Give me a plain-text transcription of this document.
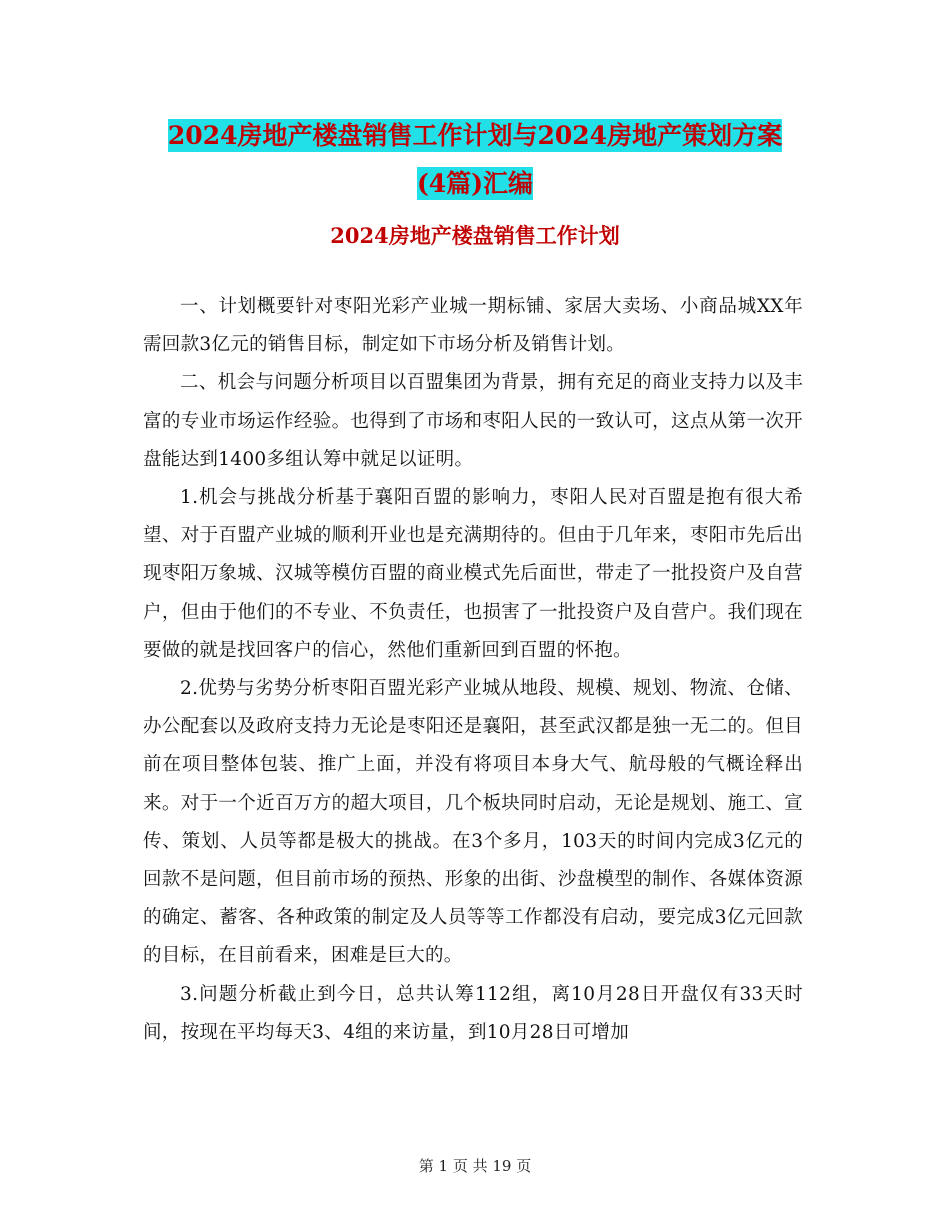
2024房地产楼盘销售工作计划与2024房地产策划方案
(4篇)汇编
2024房地产楼盘销售工作计划

一、计划概要针对枣阳光彩产业城一期标铺、家居大卖场、小商品城XX年需回款3亿元的销售目标，制定如下市场分析及销售计划。

二、机会与问题分析项目以百盟集团为背景，拥有充足的商业支持力以及丰富的专业市场运作经验。也得到了市场和枣阳人民的一致认可，这点从第一次开盘能达到1400多组认筹中就足以证明。

1.机会与挑战分析基于襄阳百盟的影响力，枣阳人民对百盟是抱有很大希望、对于百盟产业城的顺利开业也是充满期待的。但由于几年来，枣阳市先后出现枣阳万象城、汉城等模仿百盟的商业模式先后面世，带走了一批投资户及自营户，但由于他们的不专业、不负责任，也损害了一批投资户及自营户。我们现在要做的就是找回客户的信心，然他们重新回到百盟的怀抱。

2.优势与劣势分析枣阳百盟光彩产业城从地段、规模、规划、物流、仓储、办公配套以及政府支持力无论是枣阳还是襄阳，甚至武汉都是独一无二的。但目前在项目整体包装、推广上面，并没有将项目本身大气、航母般的气概诠释出来。对于一个近百万方的超大项目，几个板块同时启动，无论是规划、施工、宣传、策划、人员等都是极大的挑战。在3个多月，103天的时间内完成3亿元的回款不是问题，但目前市场的预热、形象的出街、沙盘模型的制作、各媒体资源的确定、蓄客、各种政策的制定及人员等等工作都没有启动，要完成3亿元回款的目标，在目前看来，困难是巨大的。

3.问题分析截止到今日，总共认筹112组，离10月28日开盘仅有33天时间，按现在平均每天3、4组的来访量，到10月28日可增加

第 1 页 共 19 页
